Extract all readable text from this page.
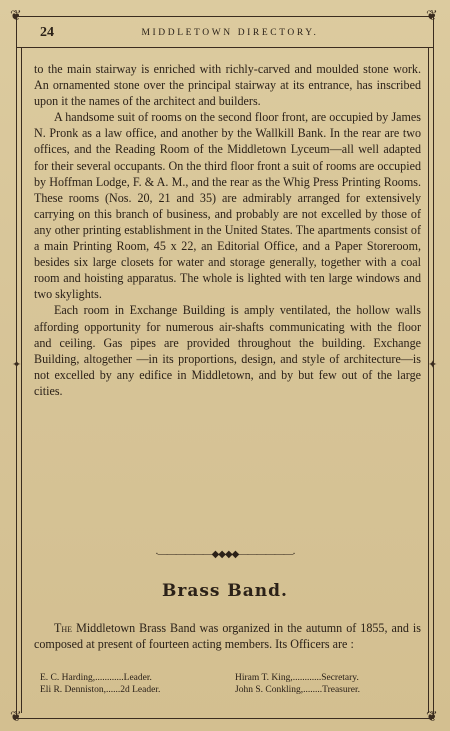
❦	❦
❦	❦
✦	✦
24	MIDDLETOWN DIRECTORY.

to the main stairway is enriched with richly-carved and moulded stone work. An ornamented stone over the principal stairway at its entrance, has inscribed upon it the names of the architect and builders.

A handsome suit of rooms on the second floor front, are occupied by James N. Pronk as a law office, and another by the Wallkill Bank. In the rear are two offices, and the Reading Room of the Middletown Lyceum—all well adapted for their several occupants. On the third floor front a suit of rooms are occupied by Hoffman Lodge, F. & A. M., and the rear as the Whig Press Printing Rooms. These rooms (Nos. 20, 21 and 35) are admirably arranged for extensively carrying on this branch of business, and probably are not excelled by those of any other printing establishment in the United States. The apartments consist of a main Printing Room, 45 x 22, an Editorial Office, and a Paper Storeroom, besides six large closets for water and storage generally, together with a coal room and hoisting apparatus. The whole is lighted with ten large windows and two skylights.

Each room in Exchange Building is amply ventilated, the hollow walls affording opportunity for numerous air-shafts communicating with the floor and ceiling. Gas pipes are provided throughout the building. Exchange Building, altogether —in its proportions, design, and style of architecture—is not excelled by any edifice in Middletown, and by but few out of the large cities.

·——————◆◆◆◆——————·
Brass Band.

The Middletown Brass Band was organized in the autumn of 1855, and is composed at present of fourteen acting members. Its Officers are :

E. C. Harding,............Leader.	Hiram T. King,............Secretary.
Eli R. Denniston,......2d Leader.	John S. Conkling,........Treasurer.
